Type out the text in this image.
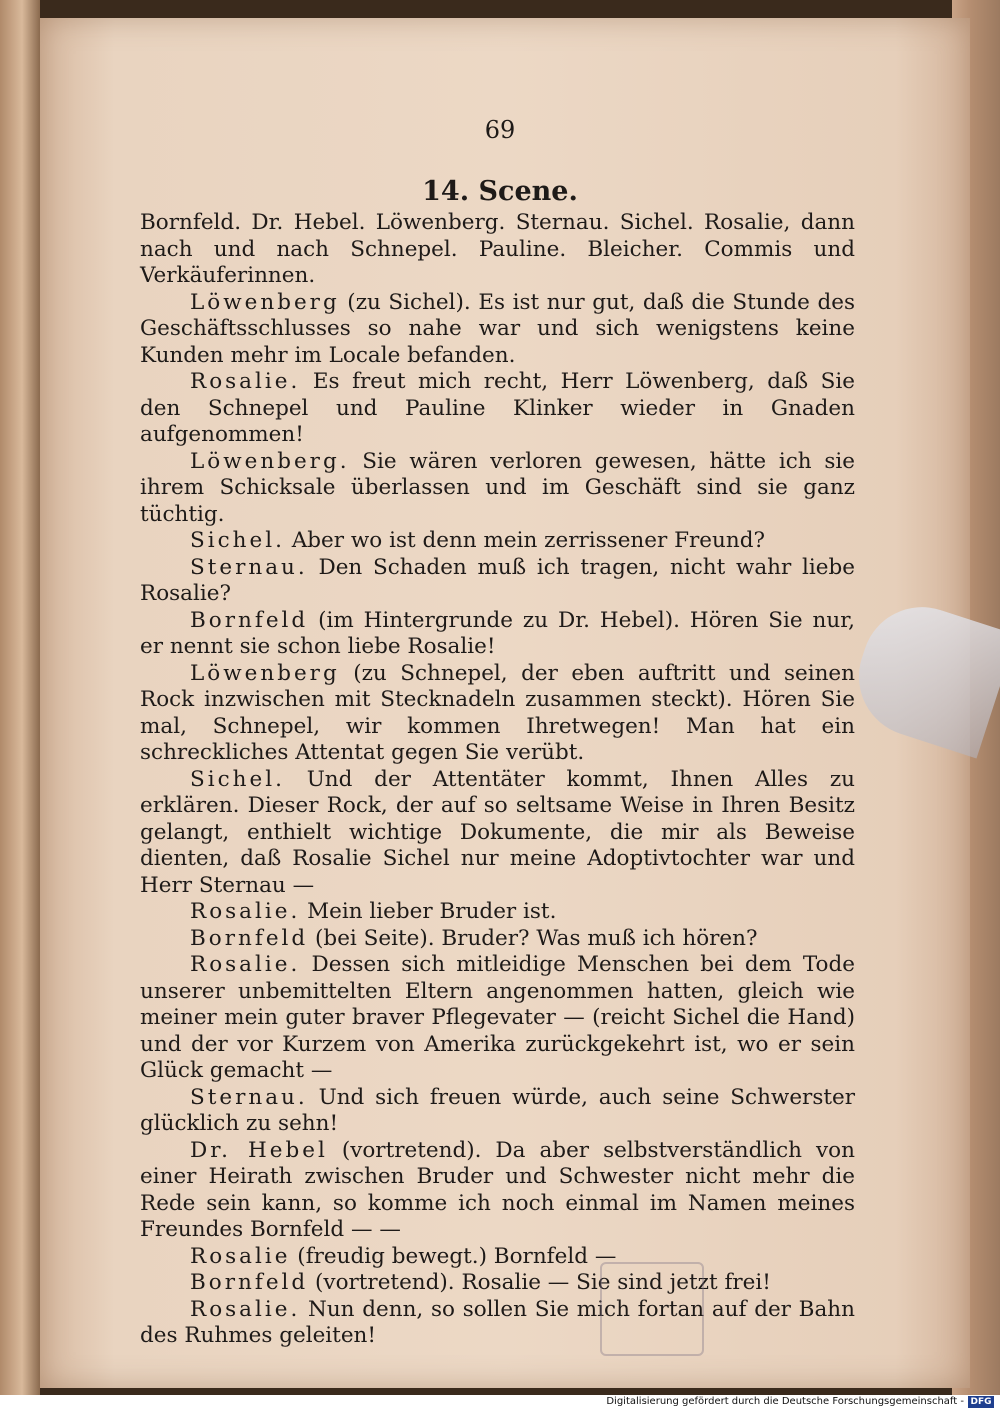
69
14. Scene.

Bornfeld. Dr. Hebel. Löwenberg. Sternau. Sichel. Rosalie, dann nach und nach Schnepel. Pauline. Bleicher. Commis und Verkäuferinnen.

Löwenberg (zu Sichel). Es ist nur gut, daß die Stunde des Geschäftsschlusses so nahe war und sich wenigstens keine Kunden mehr im Locale befanden.

Rosalie. Es freut mich recht, Herr Löwenberg, daß Sie den Schnepel und Pauline Klinker wieder in Gnaden aufgenommen!

Löwenberg. Sie wären verloren gewesen, hätte ich sie ihrem Schicksale überlassen und im Geschäft sind sie ganz tüchtig.

Sichel. Aber wo ist denn mein zerrissener Freund?

Sternau. Den Schaden muß ich tragen, nicht wahr liebe Rosalie?

Bornfeld (im Hintergrunde zu Dr. Hebel). Hören Sie nur, er nennt sie schon liebe Rosalie!

Löwenberg (zu Schnepel, der eben auftritt und seinen Rock inzwischen mit Stecknadeln zusammen steckt). Hören Sie mal, Schnepel, wir kommen Ihretwegen! Man hat ein schreckliches Attentat gegen Sie verübt.

Sichel. Und der Attentäter kommt, Ihnen Alles zu erklären. Dieser Rock, der auf so seltsame Weise in Ihren Besitz gelangt, enthielt wichtige Dokumente, die mir als Beweise dienten, daß Rosalie Sichel nur meine Adoptivtochter war und Herr Sternau —

Rosalie. Mein lieber Bruder ist.

Bornfeld (bei Seite). Bruder? Was muß ich hören?

Rosalie. Dessen sich mitleidige Menschen bei dem Tode unserer unbemittelten Eltern angenommen hatten, gleich wie meiner mein guter braver Pflegevater — (reicht Sichel die Hand) und der vor Kurzem von Amerika zurückgekehrt ist, wo er sein Glück gemacht —

Sternau. Und sich freuen würde, auch seine Schwerster glücklich zu sehn!

Dr. Hebel (vortretend). Da aber selbstverständlich von einer Heirath zwischen Bruder und Schwester nicht mehr die Rede sein kann, so komme ich noch einmal im Namen meines Freundes Bornfeld — —

Rosalie (freudig bewegt.) Bornfeld —

Bornfeld (vortretend). Rosalie — Sie sind jetzt frei!

Rosalie. Nun denn, so sollen Sie mich fortan auf der Bahn des Ruhmes geleiten!

Digitalisierung gefördert durch die Deutsche Forschungsgemeinschaft - DFG
